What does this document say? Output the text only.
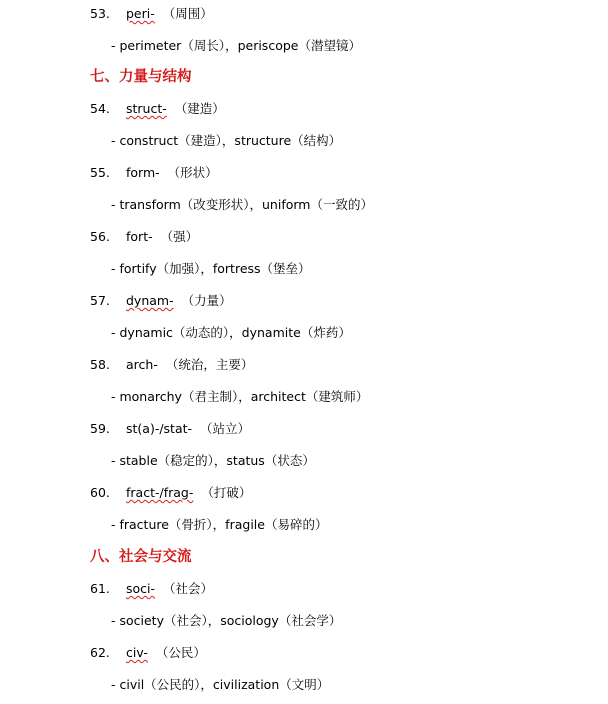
53. peri- （周围）
- perimeter（周长），periscope（潜望镜）
七、力量与结构
54. struct- （建造）
- construct（建造），structure（结构）
55. form- （形状）
- transform（改变形状），uniform（一致的）
56. fort- （强）
- fortify（加强），fortress（堡垒）
57. dynam- （力量）
- dynamic（动态的），dynamite（炸药）
58. arch- （统治，主要）
- monarchy（君主制），architect（建筑师）
59. st(a)-/stat- （站立）
- stable（稳定的），status（状态）
60. fract-/frag- （打破）
- fracture（骨折），fragile（易碎的）
八、社会与交流
61. soci- （社会）
- society（社会），sociology（社会学）
62. civ- （公民）
- civil（公民的），civilization（文明）
